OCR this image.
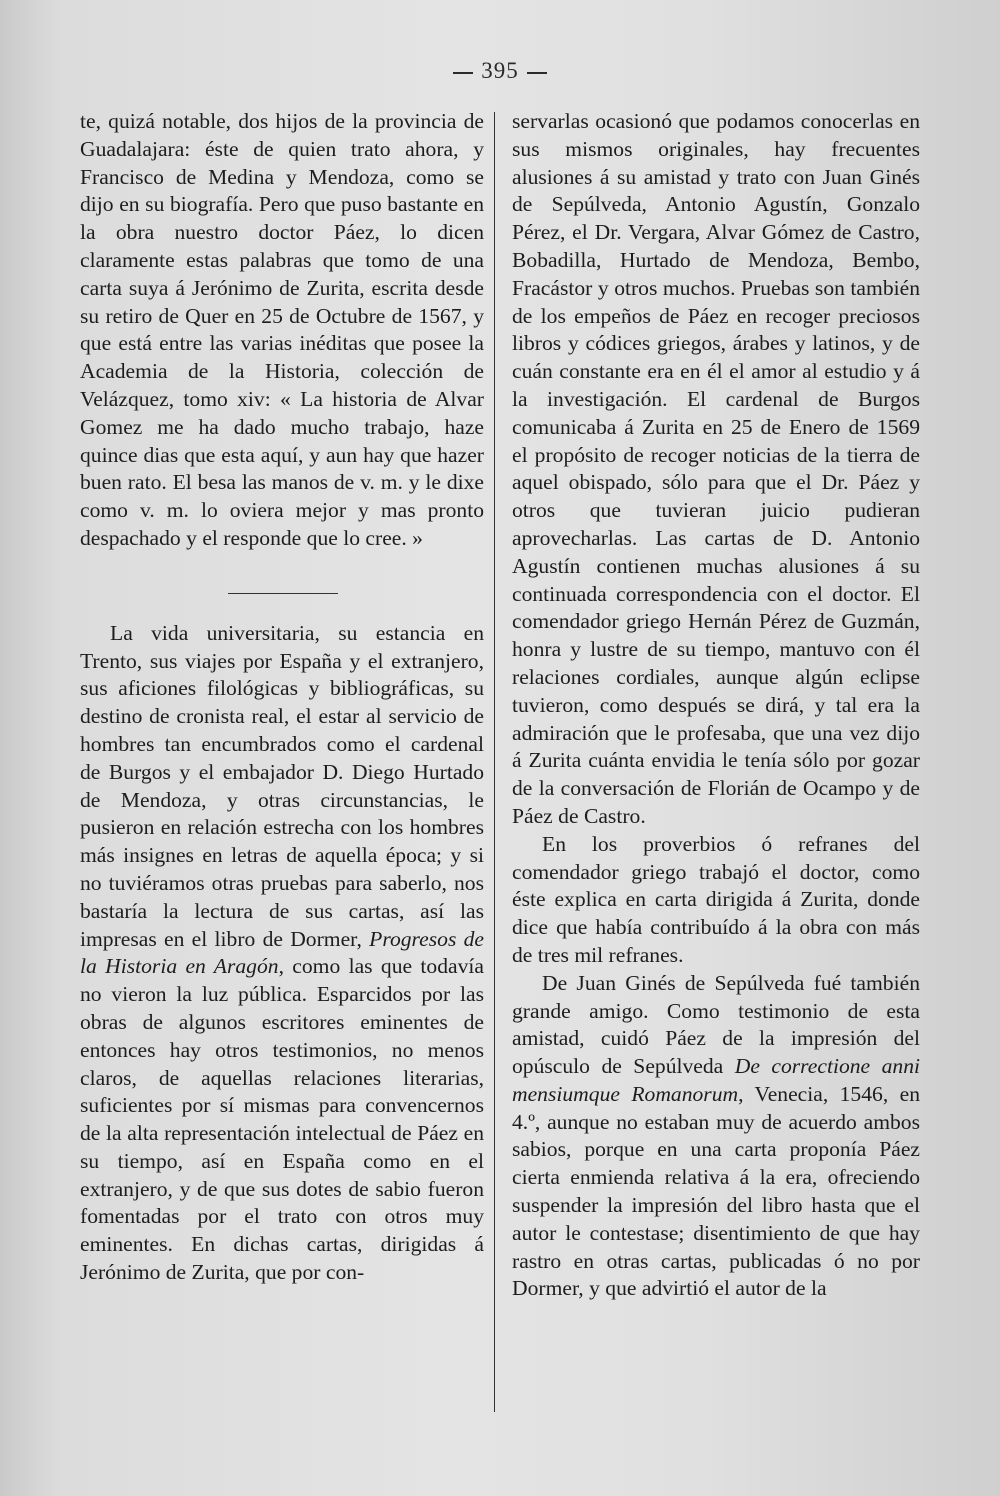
395

te, quizá notable, dos hijos de la provincia de Guadalajara: éste de quien trato ahora, y Francisco de Medina y Mendoza, como se dijo en su biografía. Pero que puso bastante en la obra nuestro doctor Páez, lo dicen claramente estas palabras que tomo de una carta suya á Jerónimo de Zurita, escrita desde su retiro de Quer en 25 de Octubre de 1567, y que está entre las varias inéditas que posee la Academia de la Historia, colección de Velázquez, tomo xiv: « La historia de Alvar Gomez me ha dado mucho trabajo, haze quince dias que esta aquí, y aun hay que hazer buen rato. El besa las manos de v. m. y le dixe como v. m. lo oviera mejor y mas pronto despachado y el responde que lo cree. »

La vida universitaria, su estancia en Trento, sus viajes por España y el extranjero, sus aficiones filológicas y bibliográficas, su destino de cronista real, el estar al servicio de hombres tan encumbrados como el cardenal de Burgos y el embajador D. Diego Hurtado de Mendoza, y otras circunstancias, le pusieron en relación estrecha con los hombres más insignes en letras de aquella época; y si no tuviéramos otras pruebas para saberlo, nos bastaría la lectura de sus cartas, así las impresas en el libro de Dormer, Progresos de la Historia en Aragón, como las que todavía no vieron la luz pública. Esparcidos por las obras de algunos escritores eminentes de entonces hay otros testimonios, no menos claros, de aquellas relaciones literarias, suficientes por sí mismas para convencernos de la alta representación intelectual de Páez en su tiempo, así en España como en el extranjero, y de que sus dotes de sabio fueron fomentadas por el trato con otros muy eminentes. En dichas cartas, dirigidas á Jerónimo de Zurita, que por con-

servarlas ocasionó que podamos conocerlas en sus mismos originales, hay frecuentes alusiones á su amistad y trato con Juan Ginés de Sepúlveda, Antonio Agustín, Gonzalo Pérez, el Dr. Vergara, Alvar Gómez de Castro, Bobadilla, Hurtado de Mendoza, Bembo, Fracástor y otros muchos. Pruebas son también de los empeños de Páez en recoger preciosos libros y códices griegos, árabes y latinos, y de cuán constante era en él el amor al estudio y á la investigación. El cardenal de Burgos comunicaba á Zurita en 25 de Enero de 1569 el propósito de recoger noticias de la tierra de aquel obispado, sólo para que el Dr. Páez y otros que tuvieran juicio pudieran aprovecharlas. Las cartas de D. Antonio Agustín contienen muchas alusiones á su continuada correspondencia con el doctor. El comendador griego Hernán Pérez de Guzmán, honra y lustre de su tiempo, mantuvo con él relaciones cordiales, aunque algún eclipse tuvieron, como después se dirá, y tal era la admiración que le profesaba, que una vez dijo á Zurita cuánta envidia le tenía sólo por gozar de la conversación de Florián de Ocampo y de Páez de Castro.

En los proverbios ó refranes del comendador griego trabajó el doctor, como éste explica en carta dirigida á Zurita, donde dice que había contribuído á la obra con más de tres mil refranes.

De Juan Ginés de Sepúlveda fué también grande amigo. Como testimonio de esta amistad, cuidó Páez de la impresión del opúsculo de Sepúlveda De correctione anni mensiumque Romanorum, Venecia, 1546, en 4.º, aunque no estaban muy de acuerdo ambos sabios, porque en una carta proponía Páez cierta enmienda relativa á la era, ofreciendo suspender la impresión del libro hasta que el autor le contestase; disentimiento de que hay rastro en otras cartas, publicadas ó no por Dormer, y que advirtió el autor de la
